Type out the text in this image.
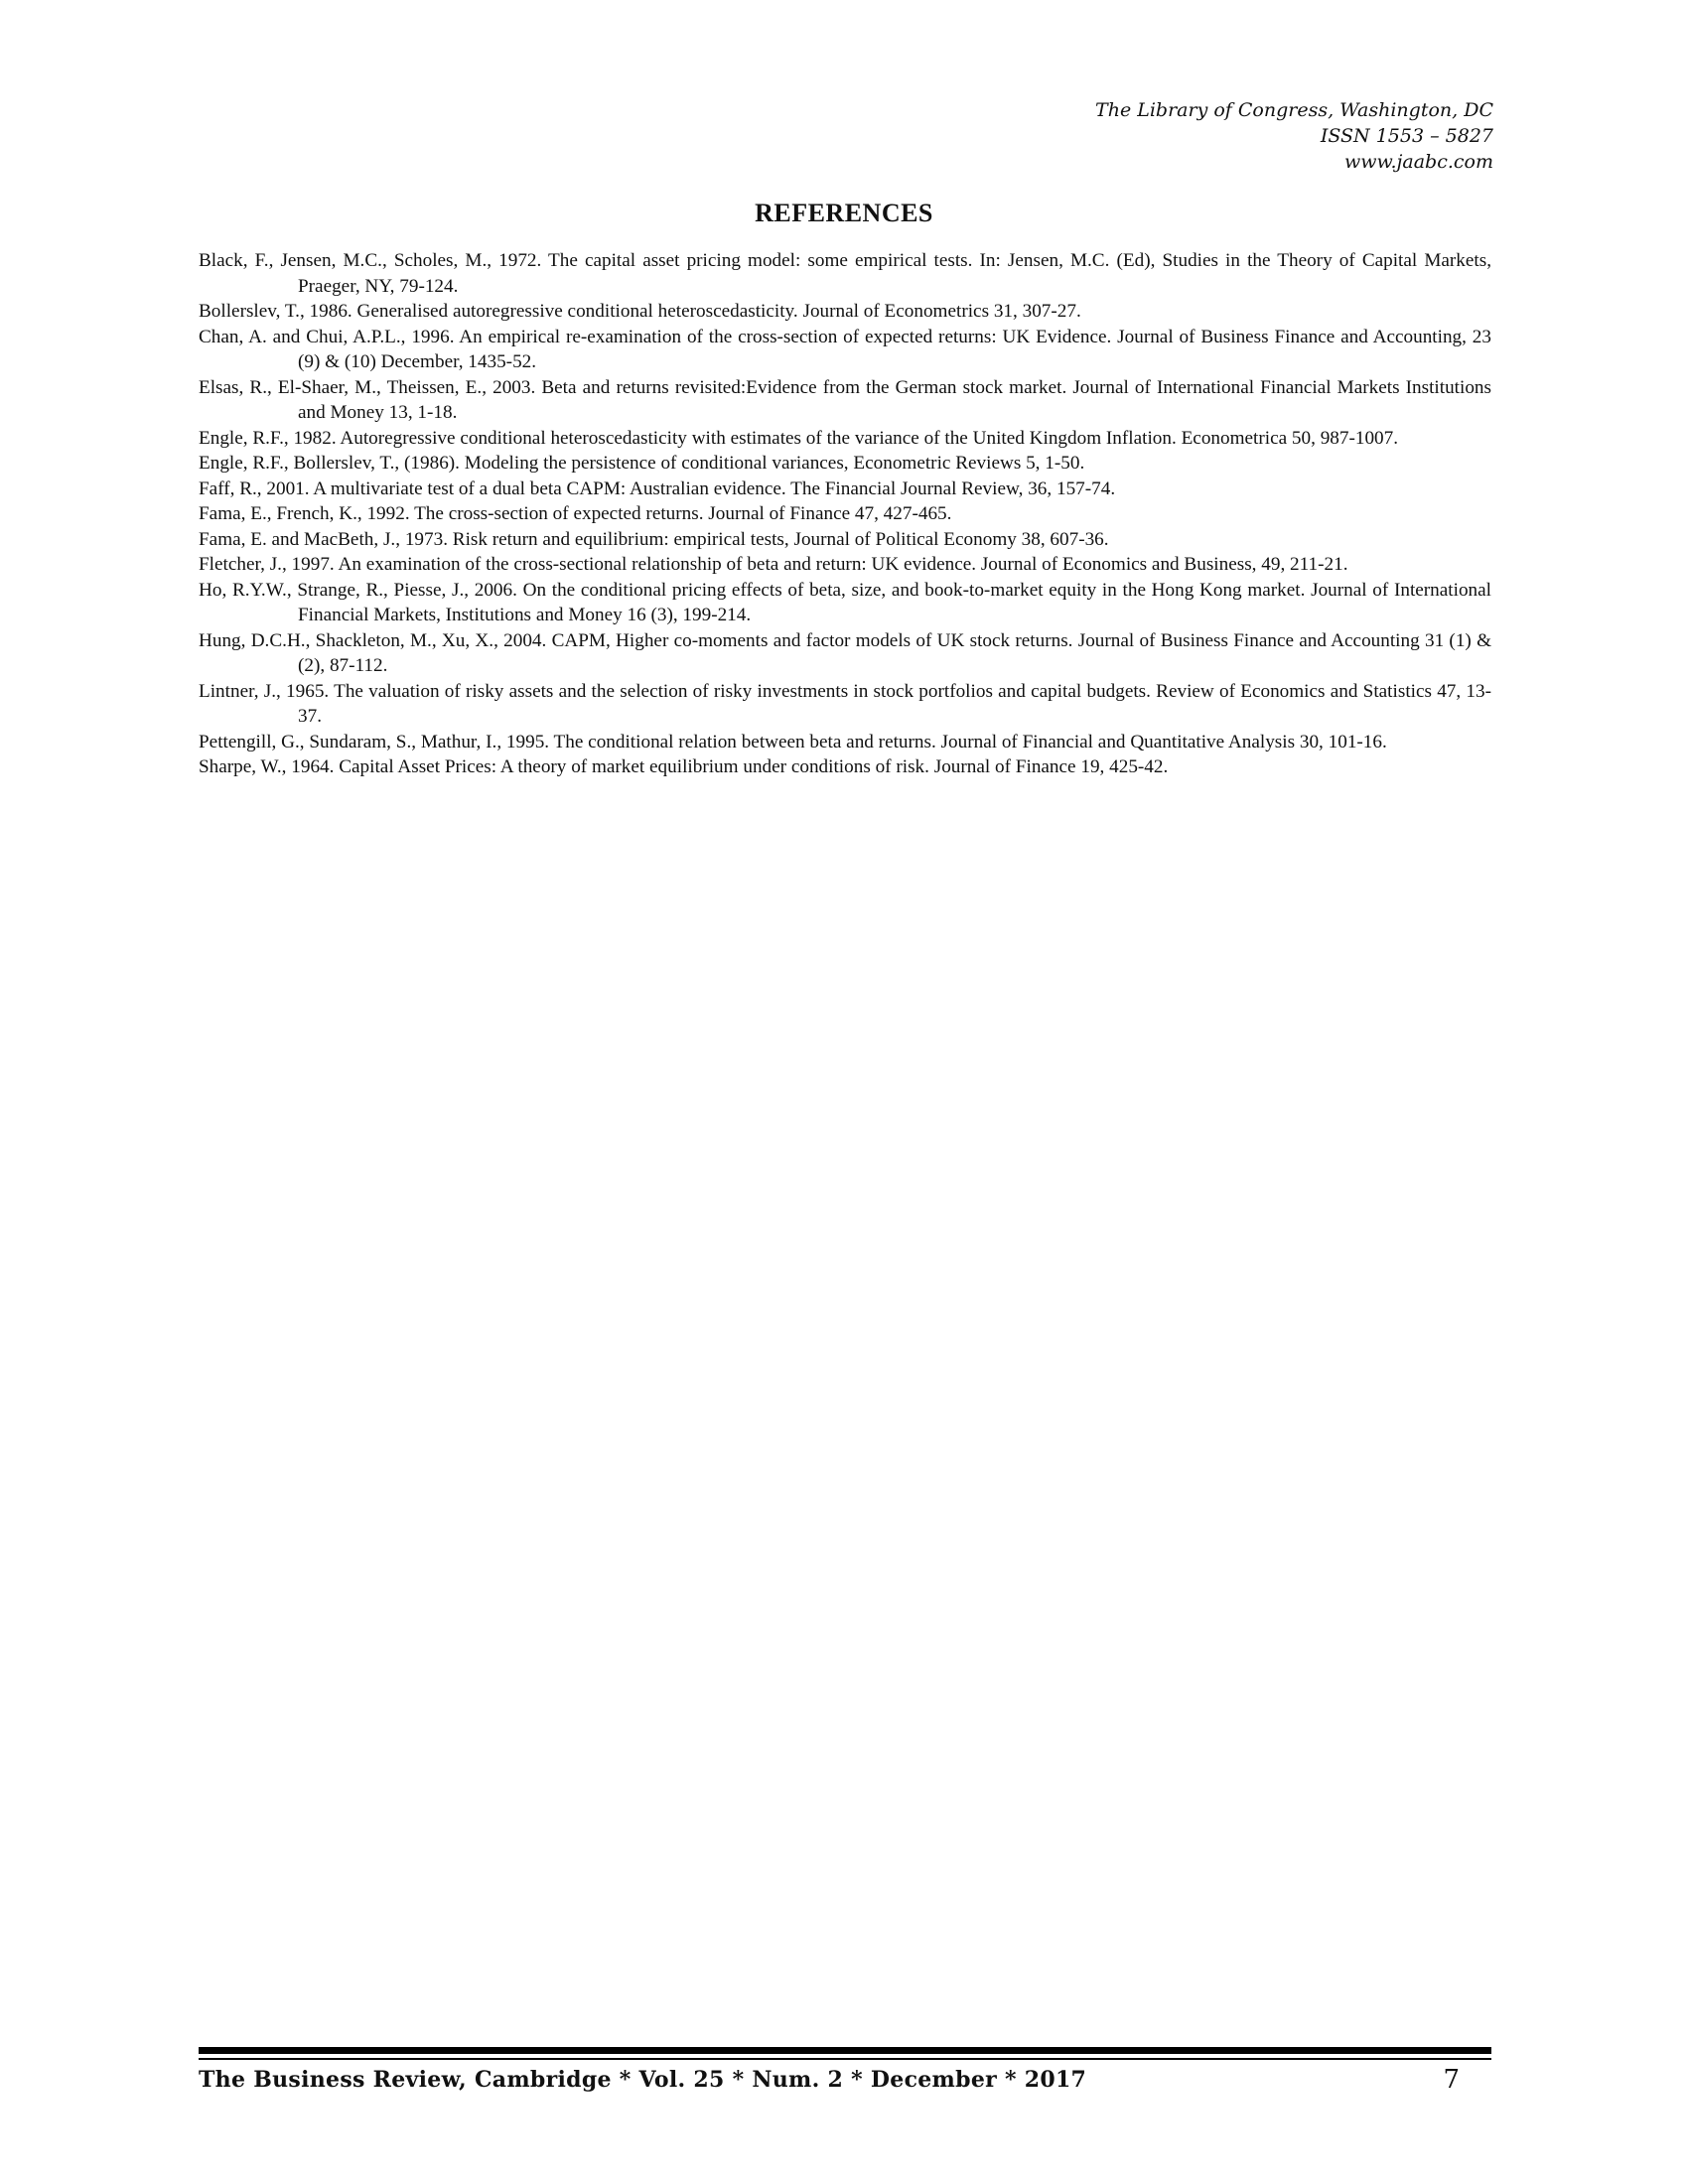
The Library of Congress, Washington, DC
ISSN 1553 – 5827
www.jaabc.com
REFERENCES
Black, F., Jensen, M.C., Scholes, M., 1972. The capital asset pricing model: some empirical tests. In: Jensen, M.C. (Ed), Studies in the Theory of Capital Markets, Praeger, NY, 79-124.
Bollerslev, T., 1986. Generalised autoregressive conditional heteroscedasticity. Journal of Econometrics 31, 307-27.
Chan, A. and Chui, A.P.L., 1996. An empirical re-examination of the cross-section of expected returns: UK Evidence. Journal of Business Finance and Accounting, 23 (9) & (10) December, 1435-52.
Elsas, R., El-Shaer, M., Theissen, E., 2003. Beta and returns revisited:Evidence from the German stock market. Journal of International Financial Markets Institutions and Money 13, 1-18.
Engle, R.F., 1982. Autoregressive conditional heteroscedasticity with estimates of the variance of the United Kingdom Inflation. Econometrica 50, 987-1007.
Engle, R.F., Bollerslev, T., (1986). Modeling the persistence of conditional variances, Econometric Reviews 5, 1-50.
Faff, R., 2001. A multivariate test of a dual beta CAPM: Australian evidence. The Financial Journal Review, 36, 157-74.
Fama, E., French, K., 1992. The cross-section of expected returns. Journal of Finance 47, 427-465.
Fama, E. and MacBeth, J., 1973. Risk return and equilibrium: empirical tests, Journal of Political Economy 38, 607-36.
Fletcher, J., 1997. An examination of the cross-sectional relationship of beta and return: UK evidence. Journal of Economics and Business, 49, 211-21.
Ho, R.Y.W., Strange, R., Piesse, J., 2006. On the conditional pricing effects of beta, size, and book-to-market equity in the Hong Kong market. Journal of International Financial Markets, Institutions and Money 16 (3), 199-214.
Hung, D.C.H., Shackleton, M., Xu, X., 2004. CAPM, Higher co-moments and factor models of UK stock returns. Journal of Business Finance and Accounting 31 (1) & (2), 87-112.
Lintner, J., 1965. The valuation of risky assets and the selection of risky investments in stock portfolios and capital budgets. Review of Economics and Statistics 47, 13-37.
Pettengill, G., Sundaram, S., Mathur, I., 1995. The conditional relation between beta and returns. Journal of Financial and Quantitative Analysis 30, 101-16.
Sharpe, W., 1964. Capital Asset Prices: A theory of market equilibrium under conditions of risk. Journal of Finance 19, 425-42.
The Business Review, Cambridge * Vol. 25 * Num. 2 * December * 2017	7
